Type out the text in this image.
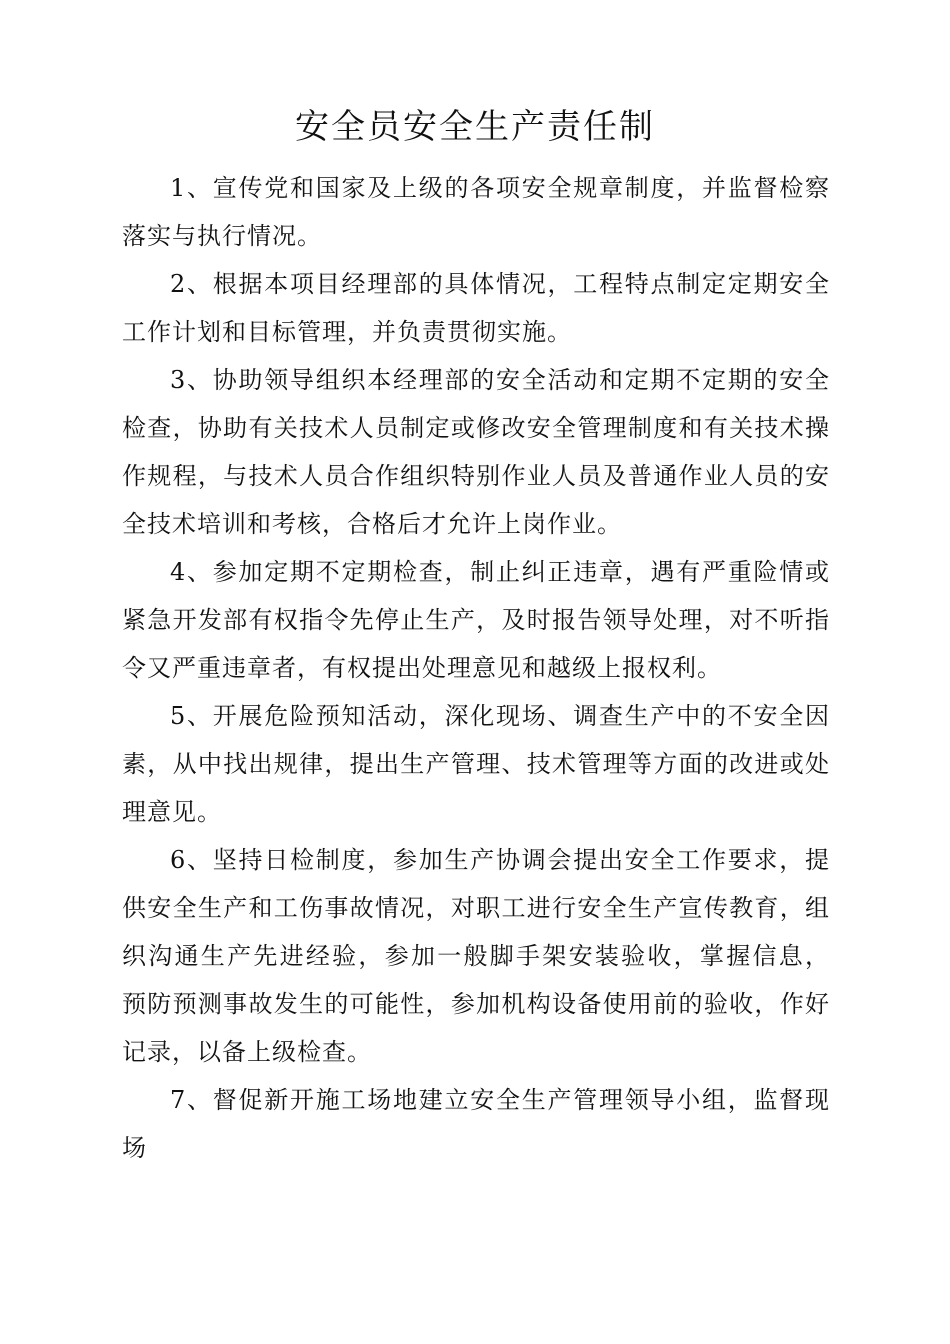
安全员安全生产责任制

1、宣传党和国家及上级的各项安全规章制度，并监督检察落实与执行情况。

2、根据本项目经理部的具体情况，工程特点制定定期安全工作计划和目标管理，并负责贯彻实施。

3、协助领导组织本经理部的安全活动和定期不定期的安全检查，协助有关技术人员制定或修改安全管理制度和有关技术操作规程，与技术人员合作组织特别作业人员及普通作业人员的安全技术培训和考核，合格后才允许上岗作业。

4、参加定期不定期检查，制止纠正违章，遇有严重险情或紧急开发部有权指令先停止生产，及时报告领导处理，对不听指令又严重违章者，有权提出处理意见和越级上报权利。

5、开展危险预知活动，深化现场、调查生产中的不安全因素，从中找出规律，提出生产管理、技术管理等方面的改进或处理意见。

6、坚持日检制度，参加生产协调会提出安全工作要求，提供安全生产和工伤事故情况，对职工进行安全生产宣传教育，组织沟通生产先进经验，参加一般脚手架安装验收，掌握信息， 预防预测事故发生的可能性，参加机构设备使用前的验收，作好 记录，以备上级检查。

7、督促新开施工场地建立安全生产管理领导小组，监督现场
